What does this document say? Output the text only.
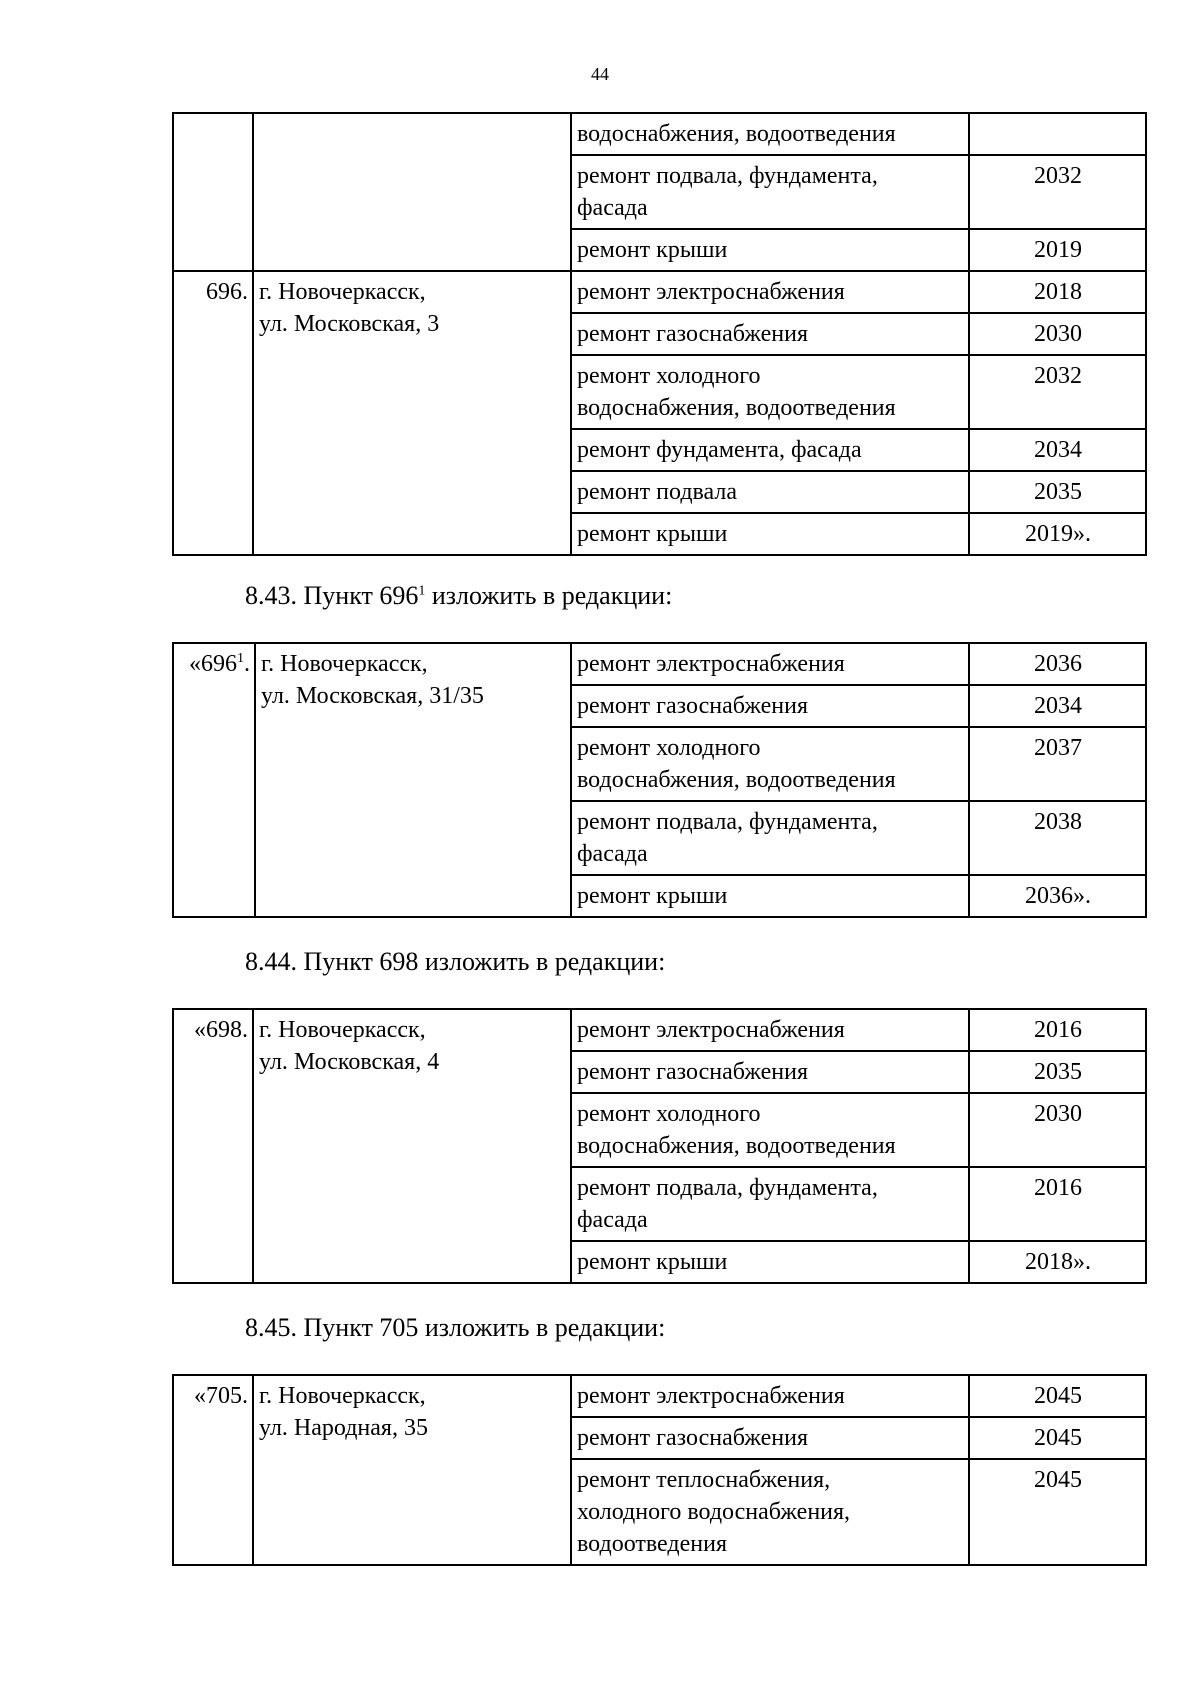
44
		водоснабжения, водоотведения	
		ремонт подвала, фундамента,
фасада	2032
		ремонт крыши	2019
696.	г. Новочеркасск,
ул. Московская, 3	ремонт электроснабжения	2018
		ремонт газоснабжения	2030
		ремонт холодного
водоснабжения, водоотведения	2032
		ремонт фундамента, фасада	2034
		ремонт подвала	2035
		ремонт крыши	2019».
8.43. Пункт $696^1$ изложить в редакции:
«$696^1$.	г. Новочеркасск,
ул. Московская, 31/35	ремонт электроснабжения	2036
		ремонт газоснабжения	2034
		ремонт холодного
водоснабжения, водоотведения	2037
		ремонт подвала, фундамента,
фасада	2038
		ремонт крыши	2036».
8.44. Пункт 698 изложить в редакции:
«698.	г. Новочеркасск,
ул. Московская, 4	ремонт электроснабжения	2016
		ремонт газоснабжения	2035
		ремонт холодного
водоснабжения, водоотведения	2030
		ремонт подвала, фундамента,
фасада	2016
		ремонт крыши	2018».
8.45. Пункт 705 изложить в редакции:
«705.	г. Новочеркасск,
ул. Народная, 35	ремонт электроснабжения	2045
		ремонт газоснабжения	2045
		ремонт теплоснабжения,
холодного водоснабжения,
водоотведения	2045
